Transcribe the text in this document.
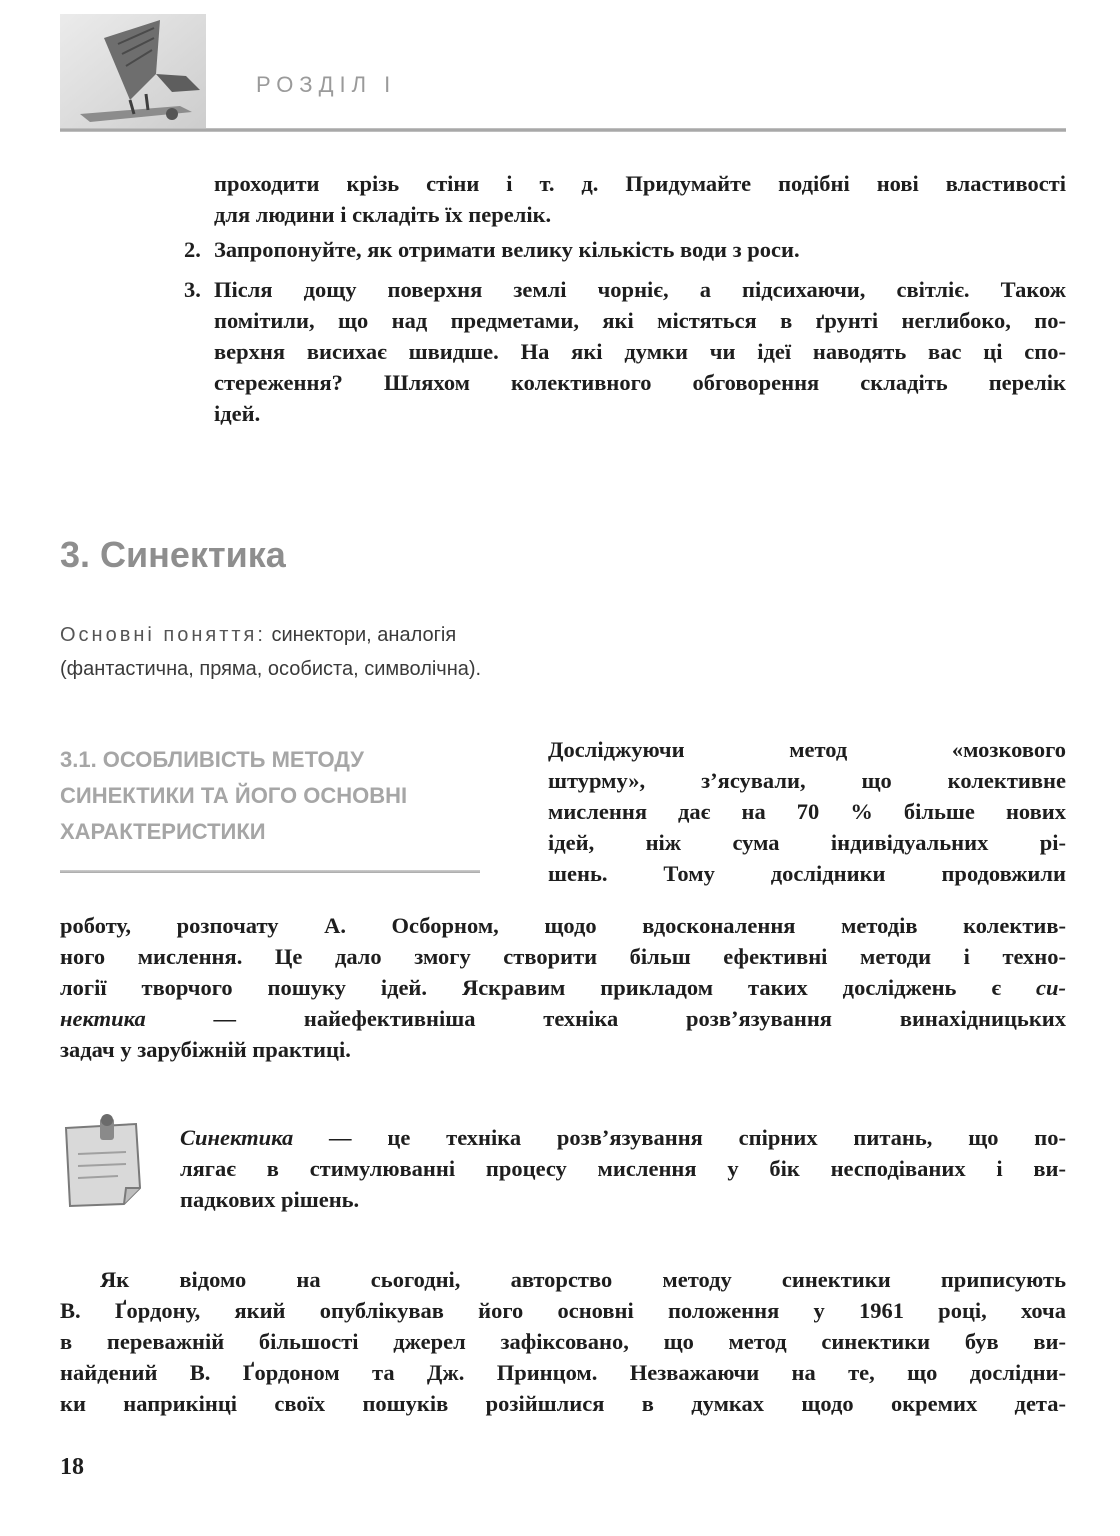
РОЗДІЛ І
проходити крізь стіни і т. д. Придумайте подібні нові властивості
для людини і складіть їх перелік.
2. Запропонуйте, як отримати велику кількість води з роси.
3. Після дощу поверхня землі чорніє, а підсихаючи, світліє. Також
помітили, що над предметами, які містяться в ґрунті неглибоко, по-
верхня висихає швидше. На які думки чи ідеї наводять вас ці спо-
стереження? Шляхом колективного обговорення складіть перелік
ідей.
3. Синектика
Основні поняття: синектори, аналогія
(фантастична, пряма, особиста, символічна).
3.1. ОСОБЛИВІСТЬ МЕТОДУ
СИНЕКТИКИ ТА ЙОГО ОСНОВНІ
ХАРАКТЕРИСТИКИ
Досліджуючи метод «мозкового
штурму», з’ясували, що колективне
мислення дає на 70 % більше нових
ідей, ніж сума індивідуальних рі-
шень. Тому дослідники продовжили
роботу, розпочату А. Осборном, щодо вдосконалення методів колектив-
ного мислення. Це дало змогу створити більш ефективні методи і техно-
логії творчого пошуку ідей. Яскравим прикладом таких досліджень є си-
нектика — найефективніша техніка розв’язування винахідницьких
задач у зарубіжній практиці.
Синектика — це техніка розв’язування спірних питань, що по-
лягає в стимулюванні процесу мислення у бік несподіваних і ви-
падкових рішень.
Як відомо на сьогодні, авторство методу синектики приписують
В. Ґордону, який опублікував його основні положення у 1961 році, хоча
в переважній більшості джерел зафіксовано, що метод синектики був ви-
найдений В. Ґордоном та Дж. Принцом. Незважаючи на те, що дослідни-
ки наприкінці своїх пошуків розійшлися в думках щодо окремих дета-
18
